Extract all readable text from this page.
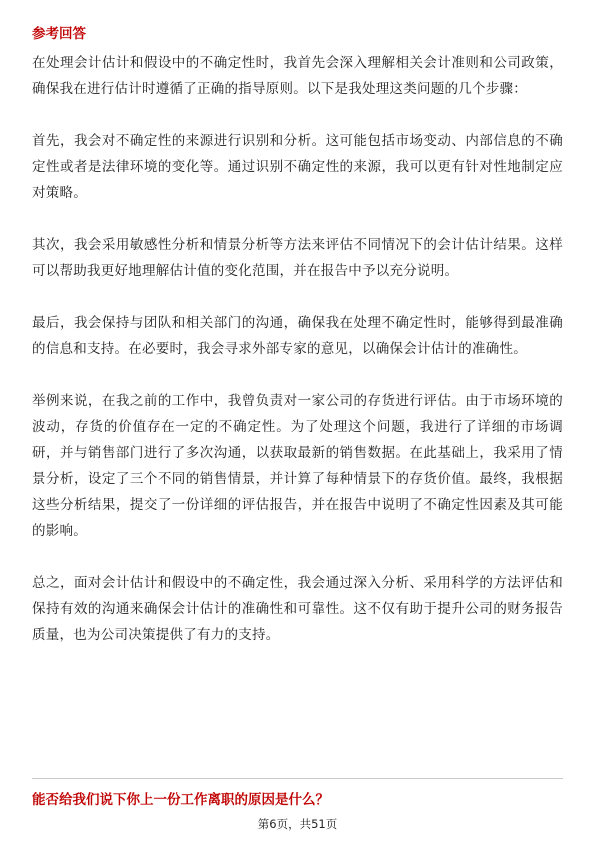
参考回答

在处理会计估计和假设中的不确定性时，我首先会深入理解相关会计准则和公司政策，确保我在进行估计时遵循了正确的指导原则。以下是我处理这类问题的几个步骤：

首先，我会对不确定性的来源进行识别和分析。这可能包括市场变动、内部信息的不确定性或者是法律环境的变化等。通过识别不确定性的来源，我可以更有针对性地制定应对策略。

其次，我会采用敏感性分析和情景分析等方法来评估不同情况下的会计估计结果。这样可以帮助我更好地理解估计值的变化范围，并在报告中予以充分说明。

最后，我会保持与团队和相关部门的沟通，确保我在处理不确定性时，能够得到最准确的信息和支持。在必要时，我会寻求外部专家的意见，以确保会计估计的准确性。

举例来说，在我之前的工作中，我曾负责对一家公司的存货进行评估。由于市场环境的波动，存货的价值存在一定的不确定性。为了处理这个问题，我进行了详细的市场调研，并与销售部门进行了多次沟通，以获取最新的销售数据。在此基础上，我采用了情景分析，设定了三个不同的销售情景，并计算了每种情景下的存货价值。最终，我根据这些分析结果，提交了一份详细的评估报告，并在报告中说明了不确定性因素及其可能的影响。

总之，面对会计估计和假设中的不确定性，我会通过深入分析、采用科学的方法评估和保持有效的沟通来确保会计估计的准确性和可靠性。这不仅有助于提升公司的财务报告质量，也为公司决策提供了有力的支持。

能否给我们说下你上一份工作离职的原因是什么？
第6页，共51页
